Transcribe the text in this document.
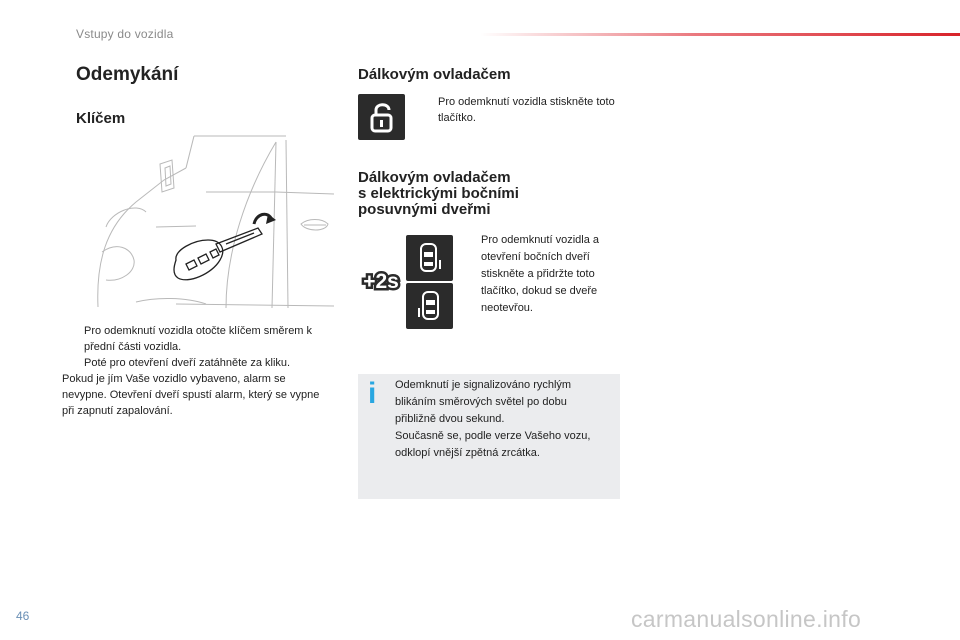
Vstupy do vozidla
Odemykání
Klíčem
Pro odemknutí vozidla otočte klíčem směrem k přední části vozidla.
Poté pro otevření dveří zatáhněte za kliku.
Pokud je jím Vaše vozidlo vybaveno, alarm se nevypne. Otevření dveří spustí alarm, který se vypne při zapnutí zapalování.
Dálkovým ovladačem
Pro odemknutí vozidla stiskněte toto tlačítko.
Dálkovým ovladačem
s elektrickými bočními
posuvnými dveřmi
+2s
Pro odemknutí vozidla a otevření bočních dveří stiskněte a přidržte toto tlačítko, dokud se dveře neotevřou.
i	Odemknutí je signalizováno rychlým
blikáním směrových světel po dobu
přibližně dvou sekund.
Současně se, podle verze Vašeho vozu,
odklopí vnější zpětná zrcátka.
46	carmanualsonline.info
